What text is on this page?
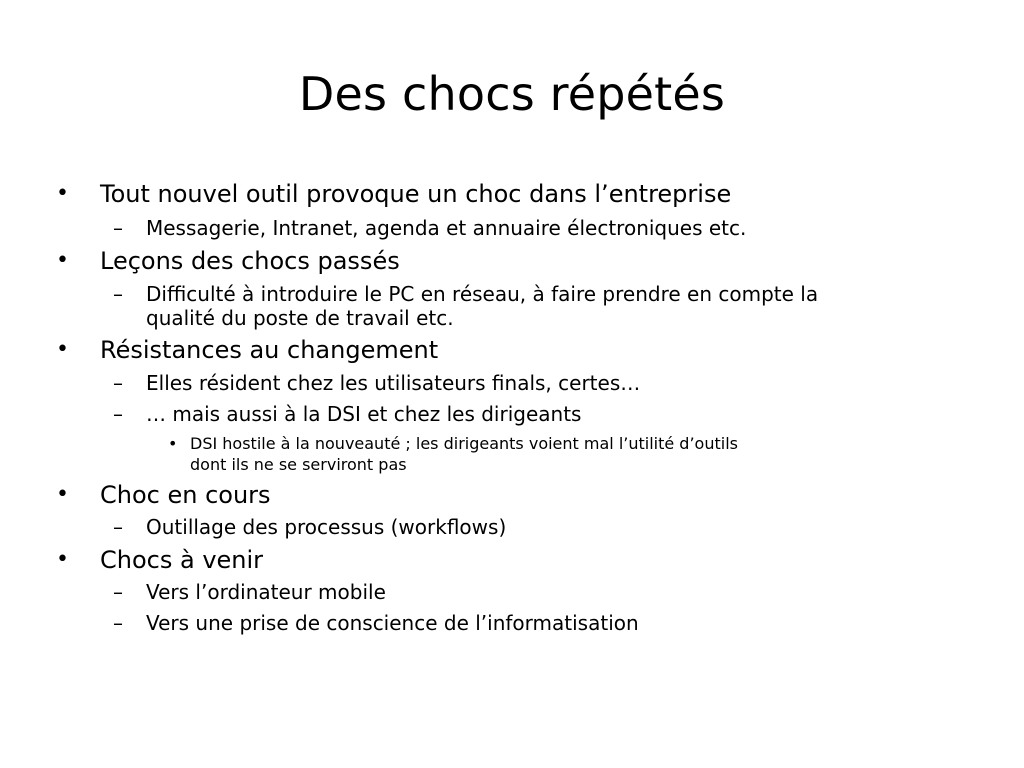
Des chocs répétés
• Tout nouvel outil provoque un choc dans l’entreprise
– Messagerie, Intranet, agenda et annuaire électroniques etc.
• Leçons des chocs passés
– Difficulté à introduire le PC en réseau, à faire prendre en compte la
qualité du poste de travail etc.
• Résistances au changement
– Elles résident chez les utilisateurs finals, certes…
– … mais aussi à la DSI et chez les dirigeants
• DSI hostile à la nouveauté ; les dirigeants voient mal l’utilité d’outils
dont ils ne se serviront pas
• Choc en cours
– Outillage des processus (workflows)
• Chocs à venir
– Vers l’ordinateur mobile
– Vers une prise de conscience de l’informatisation
